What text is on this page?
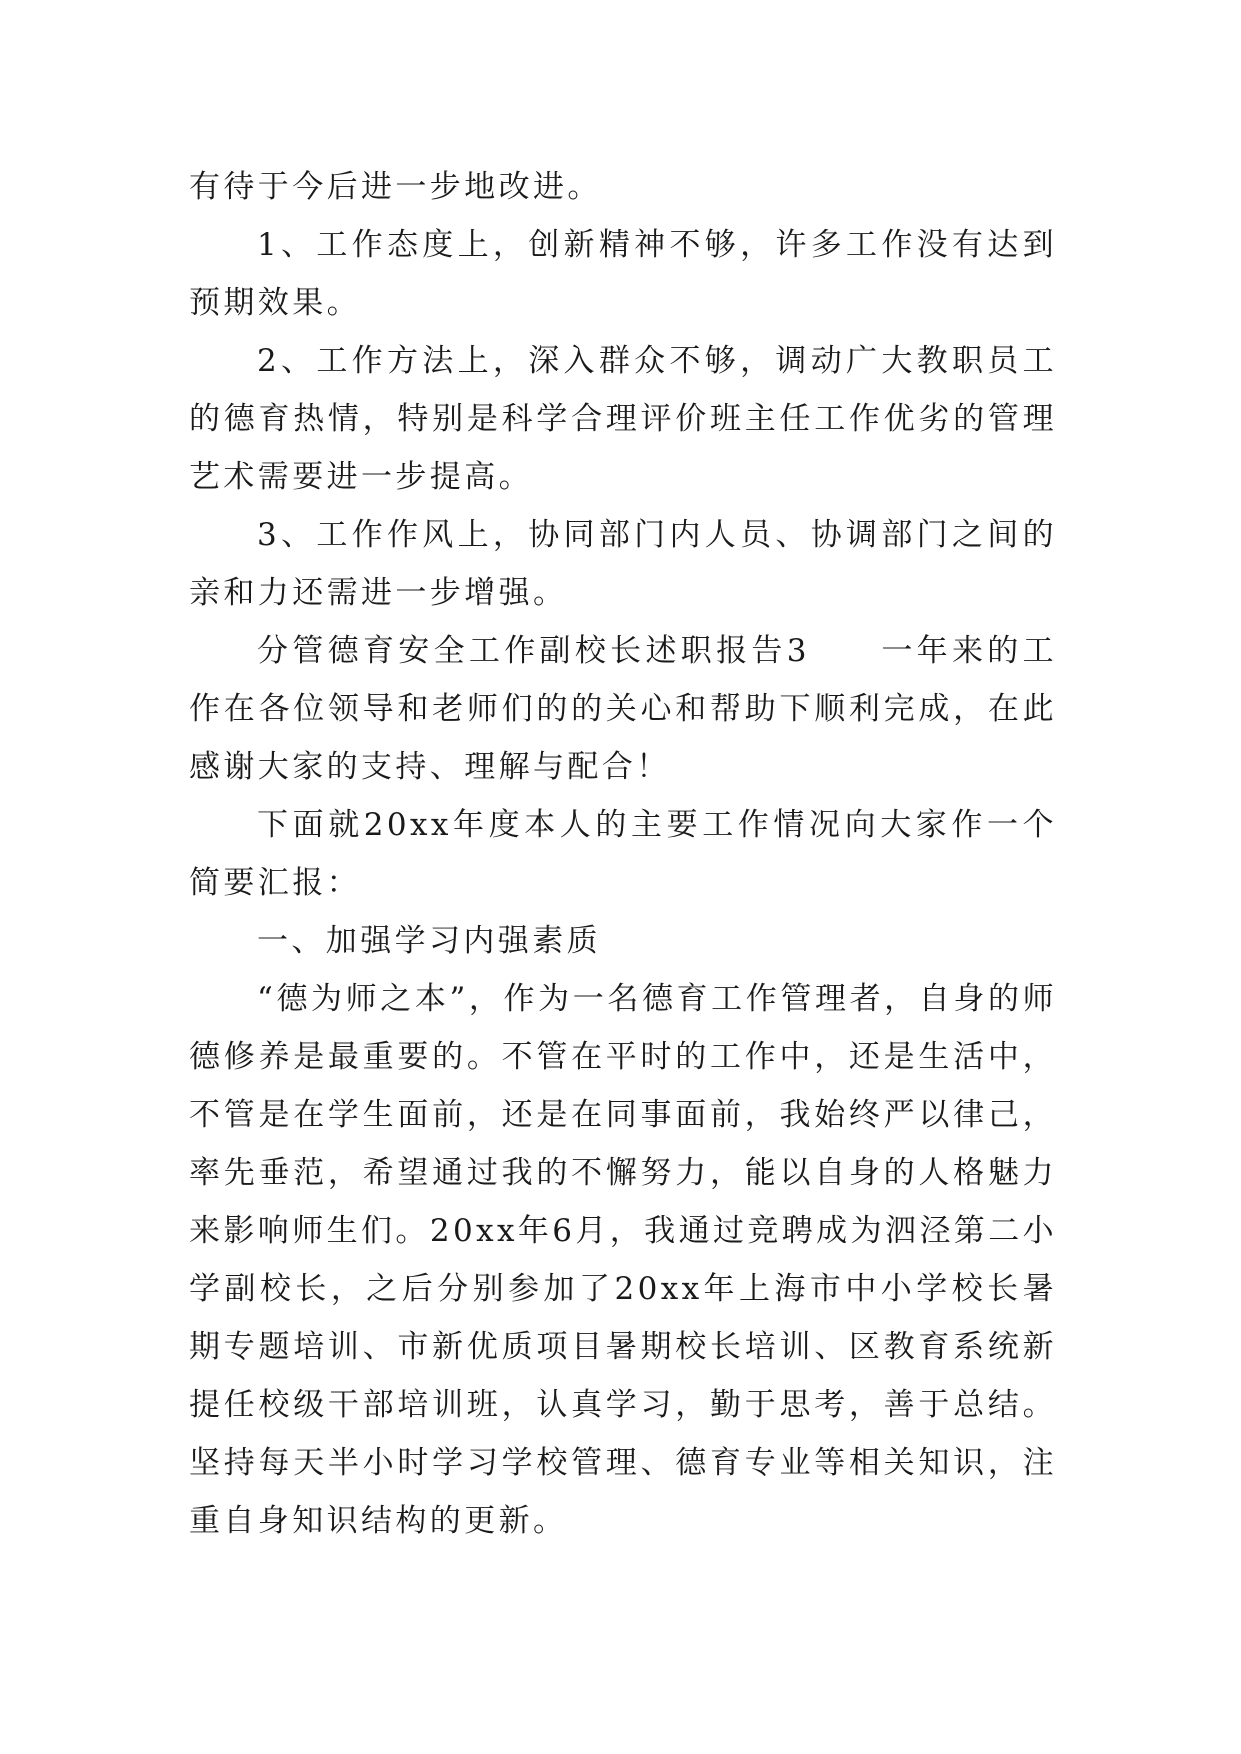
有待于今后进一步地改进。

1、工作态度上，创新精神不够，许多工作没有达到预期效果。

2、工作方法上，深入群众不够，调动广大教职员工的德育热情，特别是科学合理评价班主任工作优劣的管理艺术需要进一步提高。

3、工作作风上，协同部门内人员、协调部门之间的亲和力还需进一步增强。

分管德育安全工作副校长述职报告3　　一年来的工作在各位领导和老师们的的关心和帮助下顺利完成，在此感谢大家的支持、理解与配合！

下面就20xx年度本人的主要工作情况向大家作一个简要汇报：

一、加强学习内强素质

“德为师之本”，作为一名德育工作管理者，自身的师德修养是最重要的。不管在平时的工作中，还是生活中，不管是在学生面前，还是在同事面前，我始终严以律己，率先垂范，希望通过我的不懈努力，能以自身的人格魅力来影响师生们。20xx年6月，我通过竞聘成为泗泾第二小学副校长，之后分别参加了20xx年上海市中小学校长暑期专题培训、市新优质项目暑期校长培训、区教育系统新提任校级干部培训班，认真学习，勤于思考，善于总结。坚持每天半小时学习学校管理、德育专业等相关知识，注重自身知识结构的更新。
